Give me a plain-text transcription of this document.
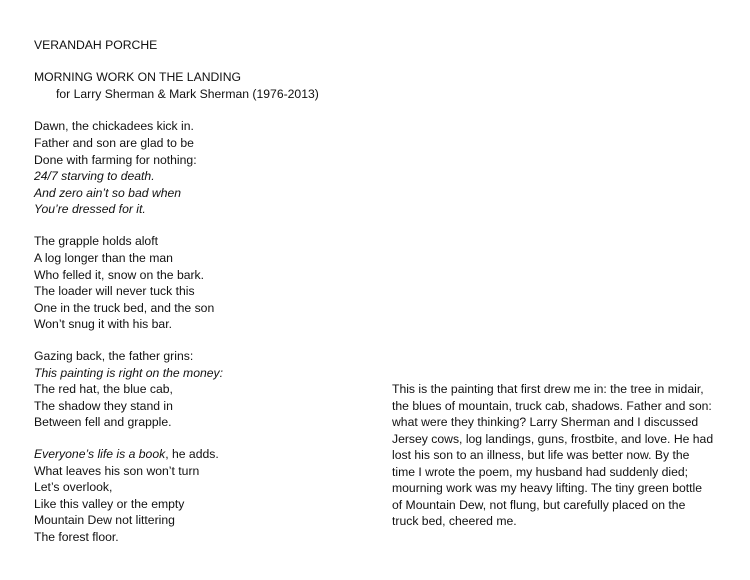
VERANDAH PORCHE

MORNING WORK ON THE LANDING

for Larry Sherman & Mark Sherman (1976-2013)

Dawn, the chickadees kick in.

Father and son are glad to be

Done with farming for nothing:

24/7 starving to death.

And zero ain’t so bad when

You’re dressed for it.

The grapple holds aloft

A log longer than the man

Who felled it, snow on the bark.

The loader will never tuck this

One in the truck bed, and the son

Won’t snug it with his bar.

Gazing back, the father grins:

This painting is right on the money:

The red hat, the blue cab,

The shadow they stand in

Between fell and grapple.

Everyone’s life is a book, he adds.

What leaves his son won’t turn

Let’s overlook,

Like this valley or the empty

Mountain Dew not littering

The forest floor.

This is the painting that first drew me in: the tree in midair,

the blues of mountain, truck cab, shadows. Father and son:

what were they thinking? Larry Sherman and I discussed

Jersey cows, log landings, guns, frostbite, and love. He had

lost his son to an illness, but life was better now. By the

time I wrote the poem, my husband had suddenly died;

mourning work was my heavy lifting. The tiny green bottle

of Mountain Dew, not flung, but carefully placed on the

truck bed, cheered me.
